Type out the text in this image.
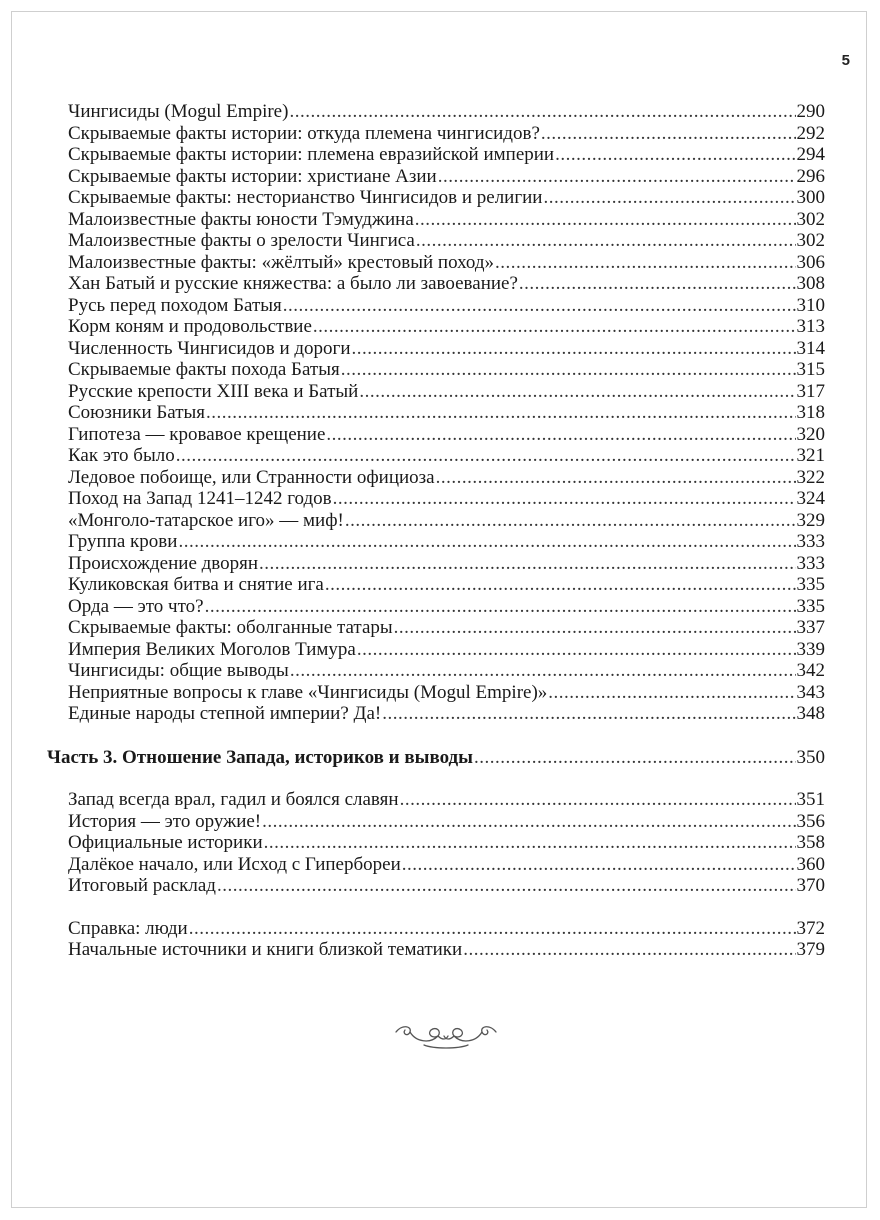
5
Чингисиды (Mogul Empire) .....	290
Скрываемые факты истории: откуда племена чингисидов? .....	292
Скрываемые факты истории: племена евразийской империи .....	294
Скрываемые факты истории: христиане Азии .....	296
Скрываемые факты: несторианство Чингисидов и религии .....	300
Малоизвестные факты юности Тэмуджина .....	302
Малоизвестные факты о зрелости Чингиса .....	302
Малоизвестные факты: «жёлтый» крестовый поход» .....	306
Хан Батый и русские княжества: а было ли завоевание? .....	308
Русь перед походом Батыя .....	310
Корм коням и продовольствие .....	313
Численность Чингисидов и дороги .....	314
Скрываемые факты похода Батыя .....	315
Русские крепости XIII века и Батый .....	317
Союзники Батыя .....	318
Гипотеза — кровавое крещение .....	320
Как это было .....	321
Ледовое побоище, или Странности официоза .....	322
Поход на Запад 1241–1242 годов .....	324
«Монголо-татарское иго» — миф! .....	329
Группа крови .....	333
Происхождение дворян .....	333
Куликовская битва и снятие ига .....	335
Орда — это что? .....	335
Скрываемые факты: оболганные татары .....	337
Империя Великих Моголов Тимура .....	339
Чингисиды: общие выводы .....	342
Неприятные вопросы к главе «Чингисиды (Mogul Empire)» .....	343
Единые народы степной империи? Да! .....	348
Часть 3. Отношение Запада, историков и выводы .....	350
Запад всегда врал, гадил и боялся славян .....	351
История — это оружие! .....	356
Официальные историки .....	358
Далёкое начало, или Исход с Гипербореи .....	360
Итоговый расклад .....	370
Справка: люди .....	372
Начальные источники и книги близкой тематики .....	379
